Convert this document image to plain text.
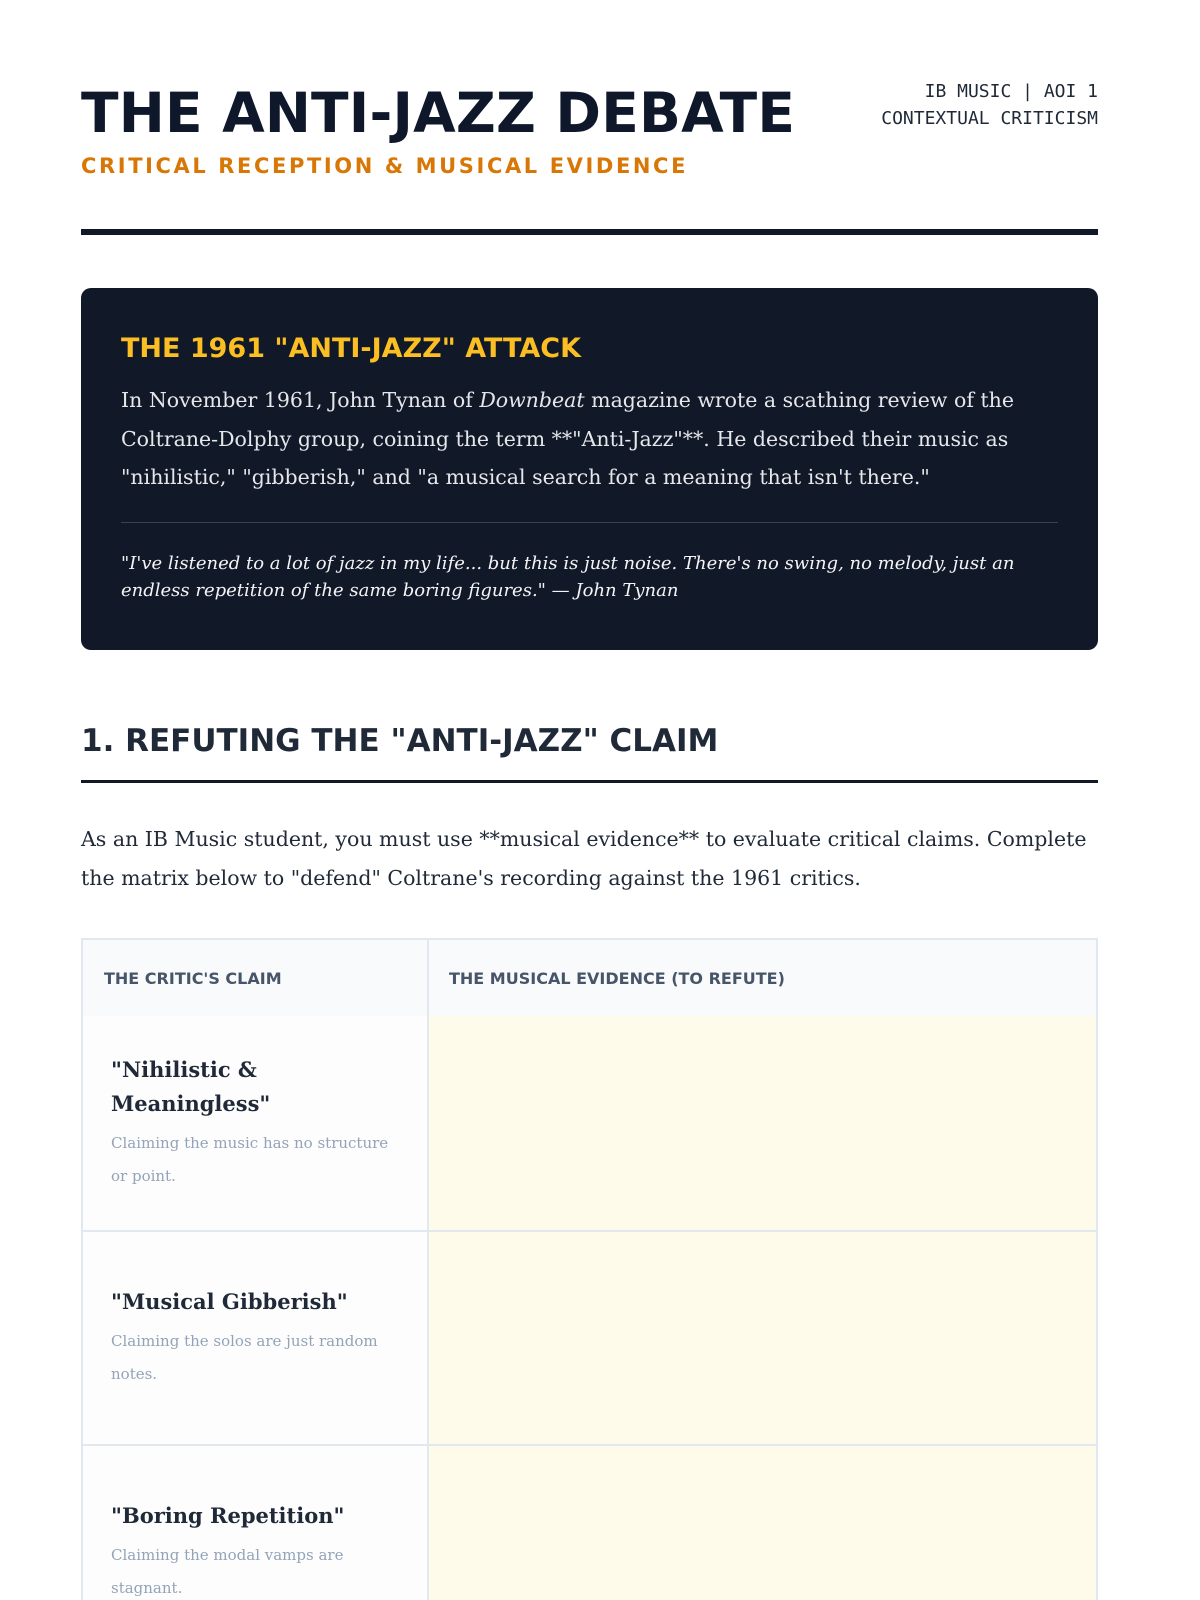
THE ANTI-JAZZ DEBATE
CRITICAL RECEPTION & MUSICAL EVIDENCE
IB MUSIC | AOI 1
CONTEXTUAL CRITICISM
THE 1961 "ANTI-JAZZ" ATTACK

In November 1961, John Tynan of Downbeat magazine wrote a scathing review of the Coltrane-Dolphy group, coining the term **"Anti-Jazz"**. He described their music as "nihilistic," "gibberish," and "a musical search for a meaning that isn't there."

"I've listened to a lot of jazz in my life... but this is just noise. There's no swing, no melody, just an endless repetition of the same boring figures." — John Tynan

1. REFUTING THE "ANTI-JAZZ" CLAIM

As an IB Music student, you must use **musical evidence** to evaluate critical claims. Complete the matrix below to "defend" Coltrane's recording against the 1961 critics.

THE CRITIC'S CLAIM	THE MUSICAL EVIDENCE (TO REFUTE)
"Nihilistic & Meaningless"
Claiming the music has no structure or point.
"Musical Gibberish"
Claiming the solos are just random notes.
"Boring Repetition"
Claiming the modal vamps are stagnant.
